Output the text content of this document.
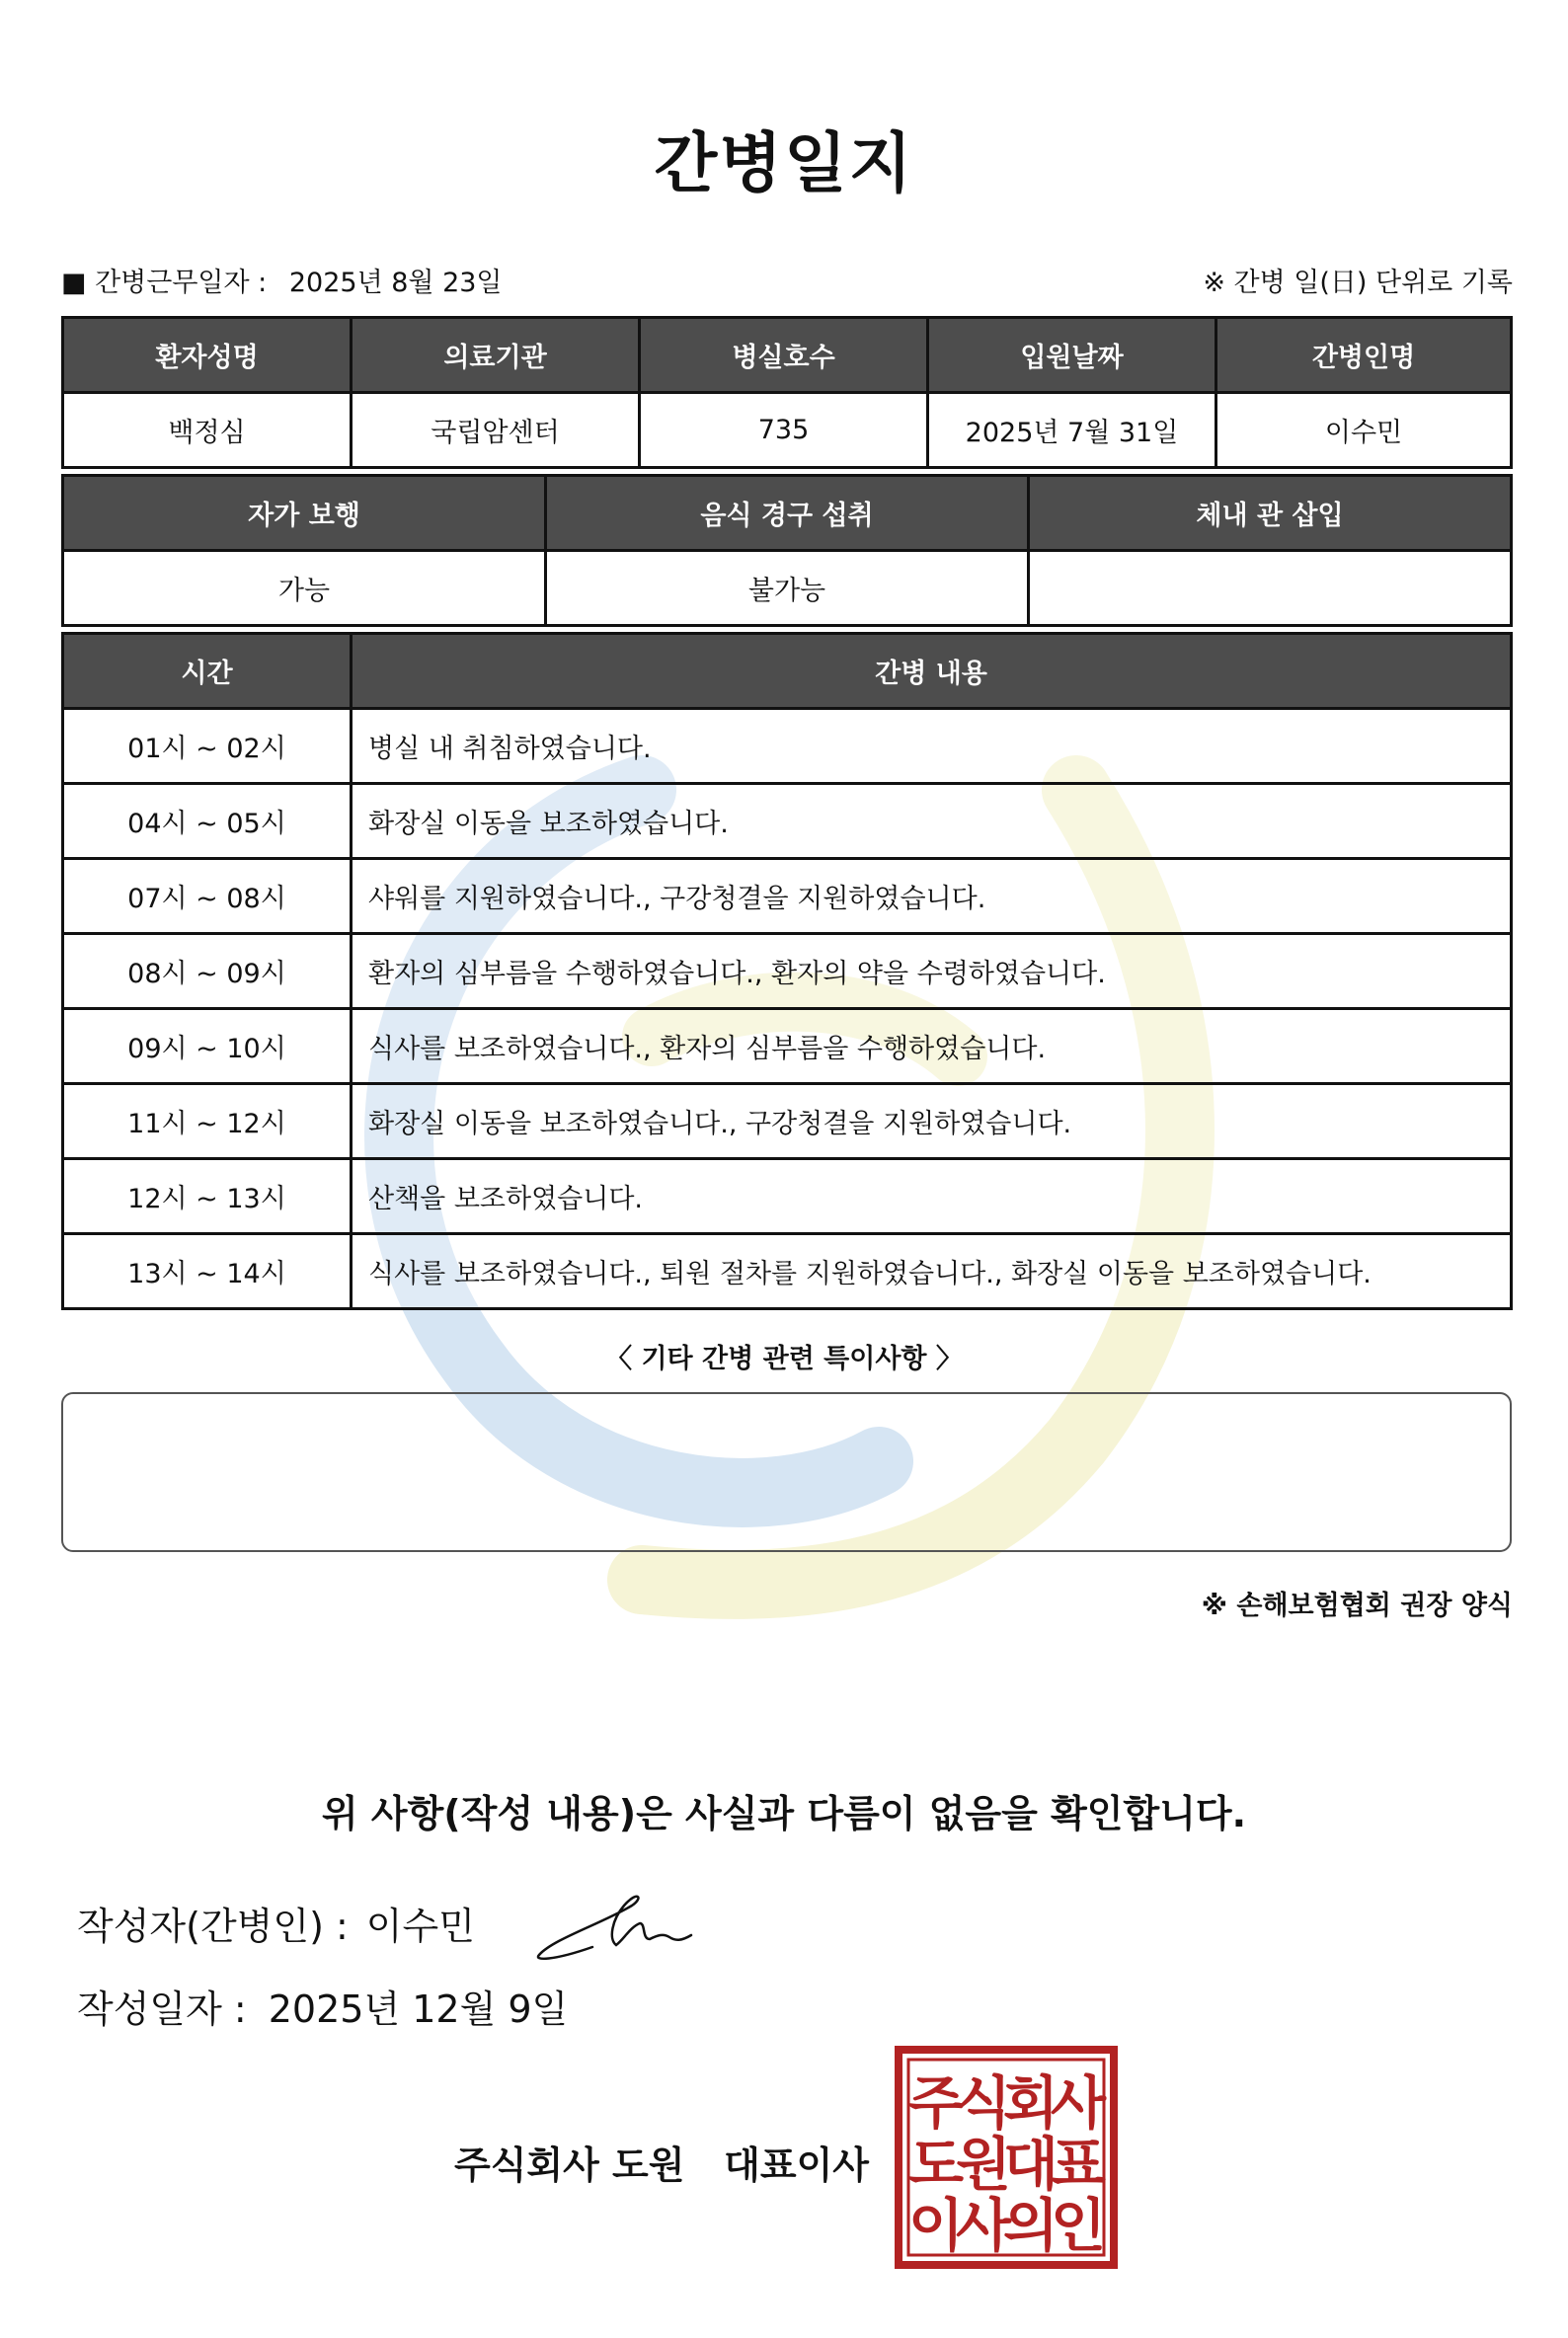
간병일지
■ 간병근무일자 : 2025년 8월 23일	※ 간병 일(日) 단위로 기록
환자성명	의료기관	병실호수	입원날짜	간병인명
백정심	국립암센터	735	2025년 7월 31일	이수민
자가 보행	음식 경구 섭취	체내 관 삽입
가능	불가능	
시간	간병 내용
01시 ~ 02시	병실 내 취침하였습니다.
04시 ~ 05시	화장실 이동을 보조하였습니다.
07시 ~ 08시	샤워를 지원하였습니다., 구강청결을 지원하였습니다.
08시 ~ 09시	환자의 심부름을 수행하였습니다., 환자의 약을 수령하였습니다.
09시 ~ 10시	식사를 보조하였습니다., 환자의 심부름을 수행하였습니다.
11시 ~ 12시	화장실 이동을 보조하였습니다., 구강청결을 지원하였습니다.
12시 ~ 13시	산책을 보조하였습니다.
13시 ~ 14시	식사를 보조하였습니다., 퇴원 절차를 지원하였습니다., 화장실 이동을 보조하였습니다.
〈 기타 간병 관련 특이사항 〉
※ 손해보험협회 권장 양식
위 사항(작성 내용)은 사실과 다름이 없음을 확인합니다.
작성자(간병인) : 이수민
작성일자 : 2025년 12월 9일
주식회사 도원   대표이사
주
식
회
사
도
원
대
표
이
사
의
인
